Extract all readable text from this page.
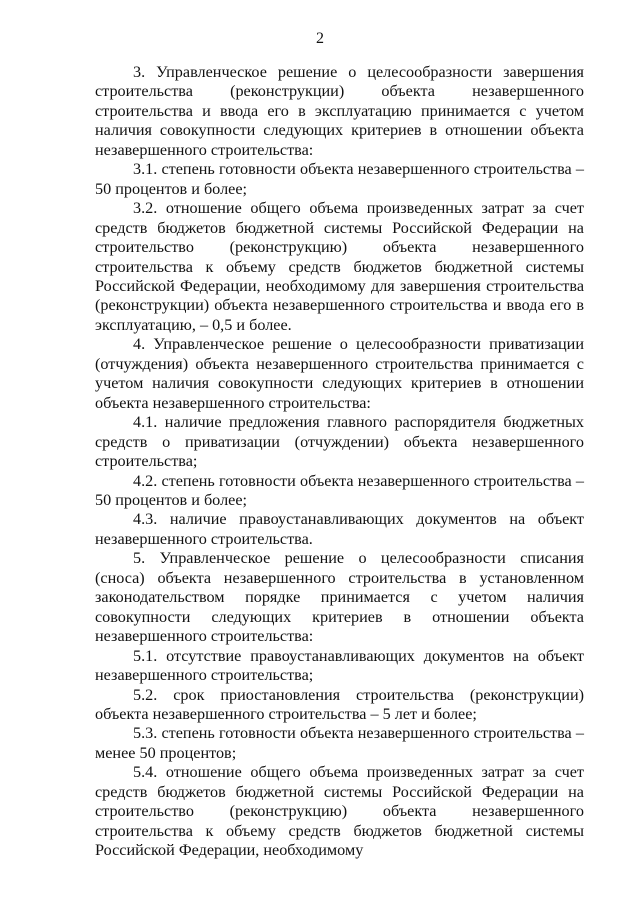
2

3. Управленческое решение о целесообразности завершения строительства (реконструкции) объекта незавершенного строительства и ввода его в эксплуатацию принимается с учетом наличия совокупности следующих критериев в отношении объекта незавершенного строительства:

3.1. степень готовности объекта незавершенного строительства – 50 процентов и более;

3.2. отношение общего объема произведенных затрат за счет средств бюджетов бюджетной системы Российской Федерации на строительство (реконструкцию) объекта незавершенного строительства к объему средств бюджетов бюджетной системы Российской Федерации, необходимому для завершения строительства (реконструкции) объекта незавершенного строительства и ввода его в эксплуатацию, – 0,5 и более.

4. Управленческое решение о целесообразности приватизации (отчуждения) объекта незавершенного строительства принимается с учетом наличия совокупности следующих критериев в отношении объекта незавершенного строительства:

4.1. наличие предложения главного распорядителя бюджетных средств о приватизации (отчуждении) объекта незавершенного строительства;

4.2. степень готовности объекта незавершенного строительства – 50 процентов и более;

4.3. наличие правоустанавливающих документов на объект незавершенного строительства.

5. Управленческое решение о целесообразности списания (сноса) объекта незавершенного строительства в установленном законодательством порядке принимается с учетом наличия совокупности следующих критериев в отношении объекта незавершенного строительства:

5.1. отсутствие правоустанавливающих документов на объект незавершенного строительства;

5.2. срок приостановления строительства (реконструкции) объекта незавершенного строительства – 5 лет и более;

5.3. степень готовности объекта незавершенного строительства – менее 50 процентов;

5.4. отношение общего объема произведенных затрат за счет средств бюджетов бюджетной системы Российской Федерации на строительство (реконструкцию) объекта незавершенного строительства к объему средств бюджетов бюджетной системы Российской Федерации, необходимому
